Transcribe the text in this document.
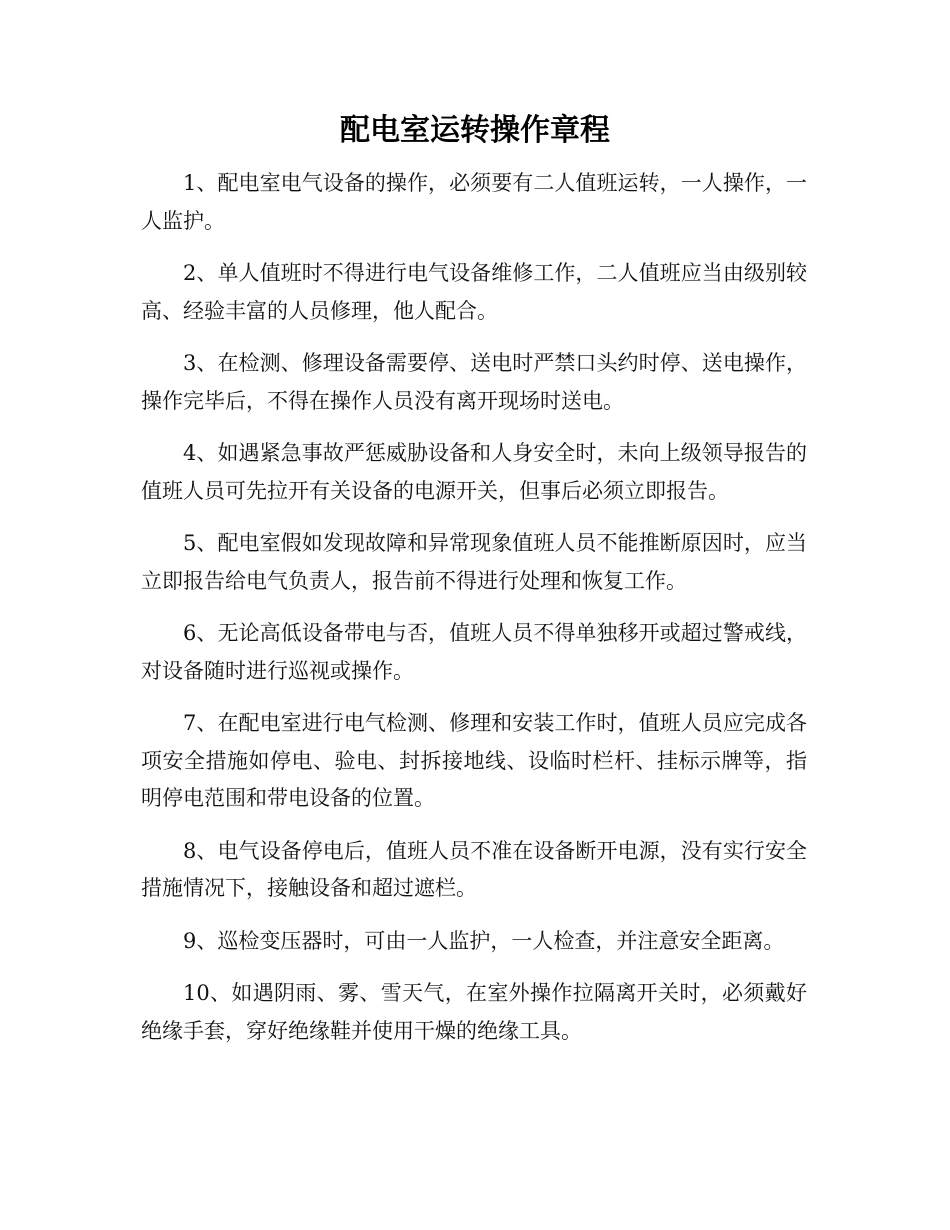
配电室运转操作章程

1、配电室电气设备的操作，必须要有二人值班运转，一人操作，一人监护。

2、单人值班时不得进行电气设备维修工作，二人值班应当由级别较高、经验丰富的人员修理，他人配合。

3、在检测、修理设备需要停、送电时严禁口头约时停、送电操作，操作完毕后，不得在操作人员没有离开现场时送电。

4、如遇紧急事故严惩威胁设备和人身安全时，未向上级领导报告的值班人员可先拉开有关设备的电源开关，但事后必须立即报告。

5、配电室假如发现故障和异常现象值班人员不能推断原因时，应当立即报告给电气负责人，报告前不得进行处理和恢复工作。

6、无论高低设备带电与否，值班人员不得单独移开或超过警戒线，对设备随时进行巡视或操作。

7、在配电室进行电气检测、修理和安装工作时，值班人员应完成各项安全措施如停电、验电、封拆接地线、设临时栏杆、挂标示牌等，指明停电范围和带电设备的位置。

8、电气设备停电后，值班人员不准在设备断开电源，没有实行安全措施情况下，接触设备和超过遮栏。

9、巡检变压器时，可由一人监护，一人检查，并注意安全距离。

10、如遇阴雨、雾、雪天气，在室外操作拉隔离开关时，必须戴好绝缘手套，穿好绝缘鞋并使用干燥的绝缘工具。
